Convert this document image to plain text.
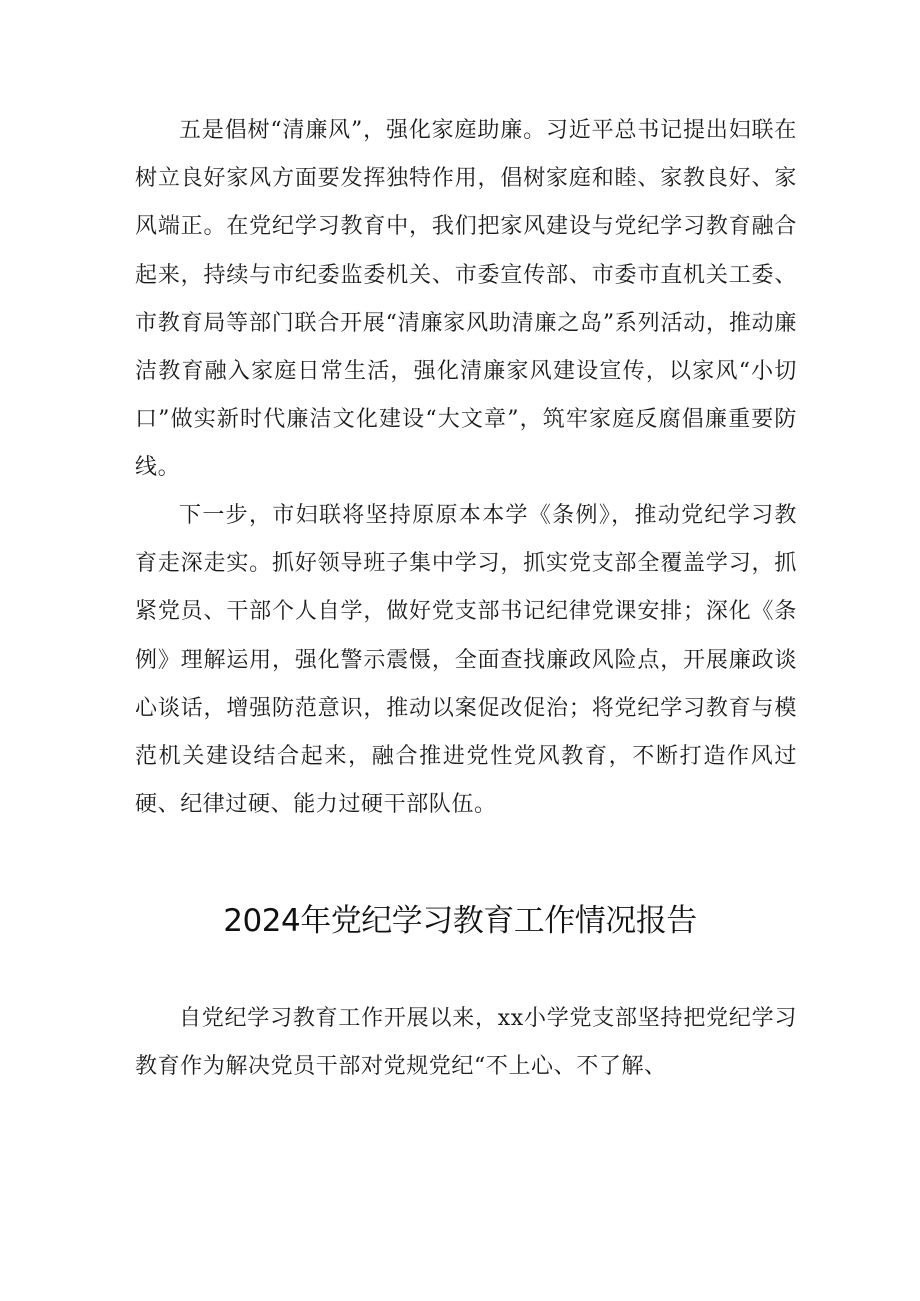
五是倡树“清廉风”，强化家庭助廉。习近平总书记提出妇联在树立良好家风方面要发挥独特作用，倡树家庭和睦、家教良好、家风端正。在党纪学习教育中，我们把家风建设与党纪学习教育融合起来，持续与市纪委监委机关、市委宣传部、市委市直机关工委、市教育局等部门联合开展“清廉家风助清廉之岛”系列活动，推动廉洁教育融入家庭日常生活，强化清廉家风建设宣传，以家风“小切口”做实新时代廉洁文化建设“大文章”，筑牢家庭反腐倡廉重要防线。

下一步，市妇联将坚持原原本本学《条例》，推动党纪学习教育走深走实。抓好领导班子集中学习，抓实党支部全覆盖学习，抓紧党员、干部个人自学，做好党支部书记纪律党课安排；深化《条例》理解运用，强化警示震慑，全面查找廉政风险点，开展廉政谈心谈话，增强防范意识，推动以案促改促治；将党纪学习教育与模范机关建设结合起来，融合推进党性党风教育，不断打造作风过硬、纪律过硬、能力过硬干部队伍。

2024年党纪学习教育工作情况报告

自党纪学习教育工作开展以来，xx小学党支部坚持把党纪学习教育作为解决党员干部对党规党纪“不上心、不了解、
